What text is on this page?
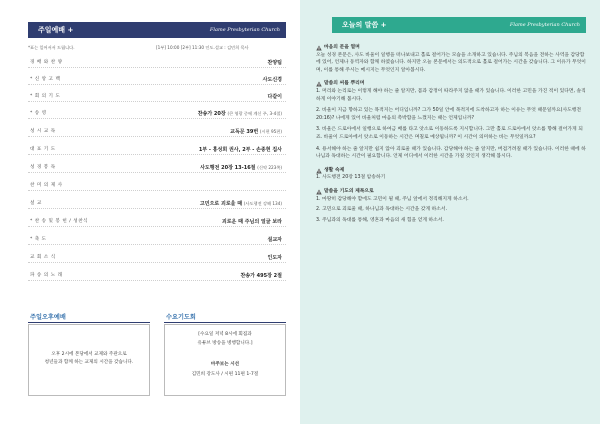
주일예배 +	Flame Presbyterian Church
*표는 일어서서 드립니다.	[1부] 10:00 [2부] 11:30 인도.설교 : 김민희 목사
경 배 와 찬 양	찬양팀
* 신 앙 고 백	사도신경
* 회 의 기 도	다같이
* 송 영	찬송가 20장 (큰 영광 중에 계신 주, 3-4절)
성 시 교 독	교독문 39번 (시편 95편)
대 표 기 도	1부 - 홍성희 권사, 2부 - 손종현 집사
성 경 봉 독	사도행전 20장 13-16절 (신약 223쪽)
찬 미 의 제 사
설 교	고민으로 괴로울 때 (사도행전 강해 134)
* 찬 송 및 봉 헌 / 성찬식	괴로운 때 주님의 얼굴 보라
* 축 도	설교자
교 회 소 식	인도자
파 송 의 노 래	찬송가 495장 2절
주일오후예배
오후 2시에 본당에서 교제와 주관으로
청년들과 함께 하는 교제의 시간을 갖습니다.
수요기도회
[수요일 저녁 8시에 회집과
유튜브 방송을 병행합니다.]
마주보는 시선
김민희 강도사 / 시편 11편 1-7절
오늘의 말씀 +	Flame Presbyterian Church
마음의 문을 열며
오늘 성경 본문은, 사도 바울이 일행을 떠나보내고 홀로 걸어가는 모습을 소개하고 있습니다. 주님의 복음을 전하는 사역을 감당함에 있어, 언제나 동역자와 함께 하였습니다. 하지만 오늘 본문에서는 의도적으로 홀로 걸어가는 시간을 갖습니다. 그 이유가 무엇이며, 이를 통해 주시는 메시지는 무엇인지 알아봅시다.
말씀의 씨를 뿌리며
1. 머리와 논리로는 이렇게 해야 하는 줄 알지만, 몸과 감정이 따라주지 않을 때가 있습니다. 이러한 고민을 가진 적이 있다면, 솔직하게 이야기해 봅시다.
2. 바울이 지금 향하고 있는 목적지는 어디입니까? 그가 50일 안에 목적지에 도착하고자 하는 이유는 무엇 때문일까요(사도행전 20:16)? 나에게 있어 바울처럼 마음의 촉박함을 느꼈지는 때는 언제입니까?
3. 바울은 드로아에서 일행으로 하여금 배를 타고 앗소로 이동하도록 지시합니다. 그만 홀로 드로아에서 앗소를 향해 걸어가게 되죠. 바울이 드로아에서 앗소로 이동하는 시간은 며칠로 예상됩니까? 이 시간이 의미하는 바는 무엇일까요?
4. 용서해야 하는 줄 알지만 쉽지 않아 괴로울 때가 있습니다. 감당해야 하는 줄 알지만, 버겁거려질 때가 있습니다. 이러한 때에 하나님과 독대하는 시간이 필요합니다. 언제 어디에서 이러한 시간을 가질 것인지 생각해 봅시다.
생활 숙제
1. 사도행전 20장 13절 암송하기
말씀을 기도의 제목으로
1. 마땅히 감당해야 할에도 고민이 될 때, 주님 앞에서 정직해지게 하소서.
2. 고민으로 괴로울 때, 하나님과 독대하는 시간을 갖게 하소서.
3. 주님과의 독대를 통해, 영혼과 마음의 새 힘을 얻게 하소서.
